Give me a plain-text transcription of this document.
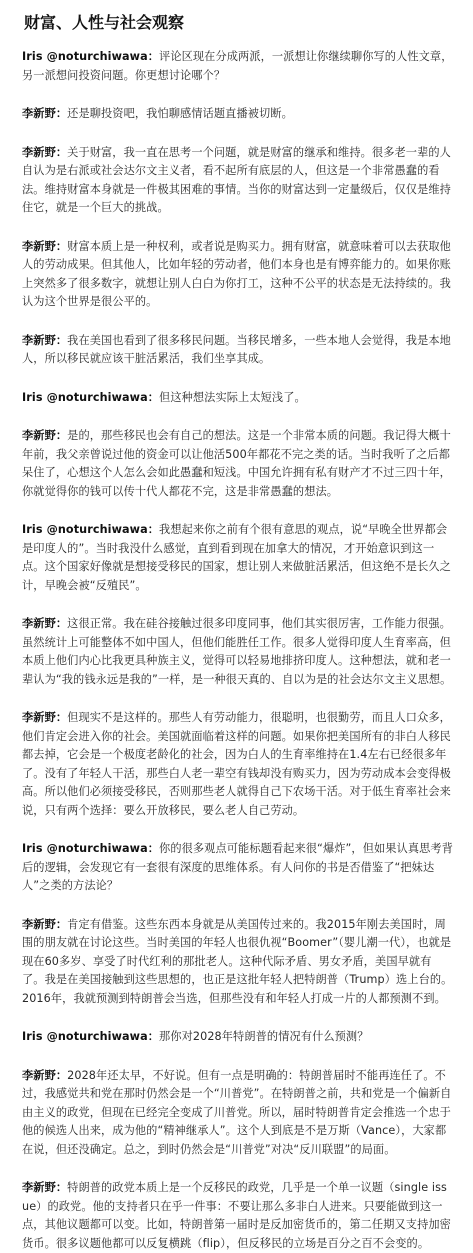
财富、人性与社会观察
Iris @noturchiwawa：评论区现在分成两派，一派想让你继续聊你写的人性文章，另一派想问投资问题。你更想讨论哪个？
李新野：还是聊投资吧，我怕聊感情话题直播被切断。
李新野：关于财富，我一直在思考一个问题，就是财富的继承和维持。很多老一辈的人自认为是右派或社会达尔文主义者，看不起所有底层的人，但这是一个非常愚蠢的看法。维持财富本身就是一件极其困难的事情。当你的财富达到一定量级后，仅仅是维持住它，就是一个巨大的挑战。
李新野：财富本质上是一种权利，或者说是购买力。拥有财富，就意味着可以去获取他人的劳动成果。但其他人，比如年轻的劳动者，他们本身也是有博弈能力的。如果你账上突然多了很多数字，就想让别人白白为你打工，这种不公平的状态是无法持续的。我认为这个世界是很公平的。
李新野：我在美国也看到了很多移民问题。当移民增多，一些本地人会觉得，我是本地人，所以移民就应该干脏活累活，我们坐享其成。
Iris @noturchiwawa：但这种想法实际上太短浅了。
李新野：是的，那些移民也会有自己的想法。这是一个非常本质的问题。我记得大概十年前，我父亲曾说过他的资金可以让他活500年都花不完之类的话。当时我听了之后都呆住了，心想这个人怎么会如此愚蠢和短浅。中国允许拥有私有财产才不过三四十年，你就觉得你的钱可以传十代人都花不完，这是非常愚蠢的想法。
Iris @noturchiwawa：我想起来你之前有个很有意思的观点，说“早晚全世界都会是印度人的”。当时我没什么感觉，直到看到现在加拿大的情况，才开始意识到这一点。这个国家好像就是想接受移民的国家，想让别人来做脏活累活，但这绝不是长久之计，早晚会被“反殖民”。
李新野：这很正常。我在硅谷接触过很多印度同事，他们其实很厉害，工作能力很强。虽然统计上可能整体不如中国人，但他们能胜任工作。很多人觉得印度人生育率高，但本质上他们内心比我更具种族主义，觉得可以轻易地排挤印度人。这种想法，就和老一辈认为“我的钱永远是我的”一样，是一种很天真的、自以为是的社会达尔文主义思想。
李新野：但现实不是这样的。那些人有劳动能力，很聪明，也很勤劳，而且人口众多，他们肯定会进入你的社会。美国就面临着这样的问题。如果你把美国所有的非白人移民都去掉，它会是一个极度老龄化的社会，因为白人的生育率维持在1.4左右已经很多年了。没有了年轻人干活，那些白人老一辈空有钱却没有购买力，因为劳动成本会变得极高。所以他们必须接受移民，否则那些老人就得自己下农场干活。对于低生育率社会来说，只有两个选择：要么开放移民，要么老人自己劳动。
Iris @noturchiwawa：你的很多观点可能标题看起来很“爆炸”，但如果认真思考背后的逻辑，会发现它有一套很有深度的思维体系。有人问你的书是否借鉴了“把妹达人”之类的方法论？
李新野：肯定有借鉴。这些东西本身就是从美国传过来的。我2015年刚去美国时，周围的朋友就在讨论这些。当时美国的年轻人也很仇视“Boomer”（婴儿潮一代），也就是现在60多岁、享受了时代红利的那批老人。这种代际矛盾、男女矛盾，美国早就有了。我是在美国接触到这些思想的，也正是这批年轻人把特朗普（Trump）选上台的。2016年，我就预测到特朗普会当选，但那些没有和年轻人打成一片的人都预测不到。
Iris @noturchiwawa：那你对2028年特朗普的情况有什么预测？
李新野：2028年还太早，不好说。但有一点是明确的：特朗普届时不能再连任了。不过，我感觉共和党在那时仍然会是一个“川普党”。在特朗普之前，共和党是一个偏新自由主义的政党，但现在已经完全变成了川普党。所以，届时特朗普肯定会推选一个忠于他的候选人出来，成为他的“精神继承人”。这个人到底是不是万斯（Vance），大家都在说，但还没确定。总之，到时仍然会是“川普党”对决“反川联盟”的局面。
李新野：特朗普的政党本质上是一个反移民的政党，几乎是一个单一议题（single issue）的政党。他的支持者只在乎一件事：不要让那么多非白人进来。只要能做到这一点，其他议题都可以变。比如，特朗普第一届时是反加密货币的，第二任期又支持加密货币。很多议题他都可以反复横跳（flip），但反移民的立场是百分之百不会变的。
